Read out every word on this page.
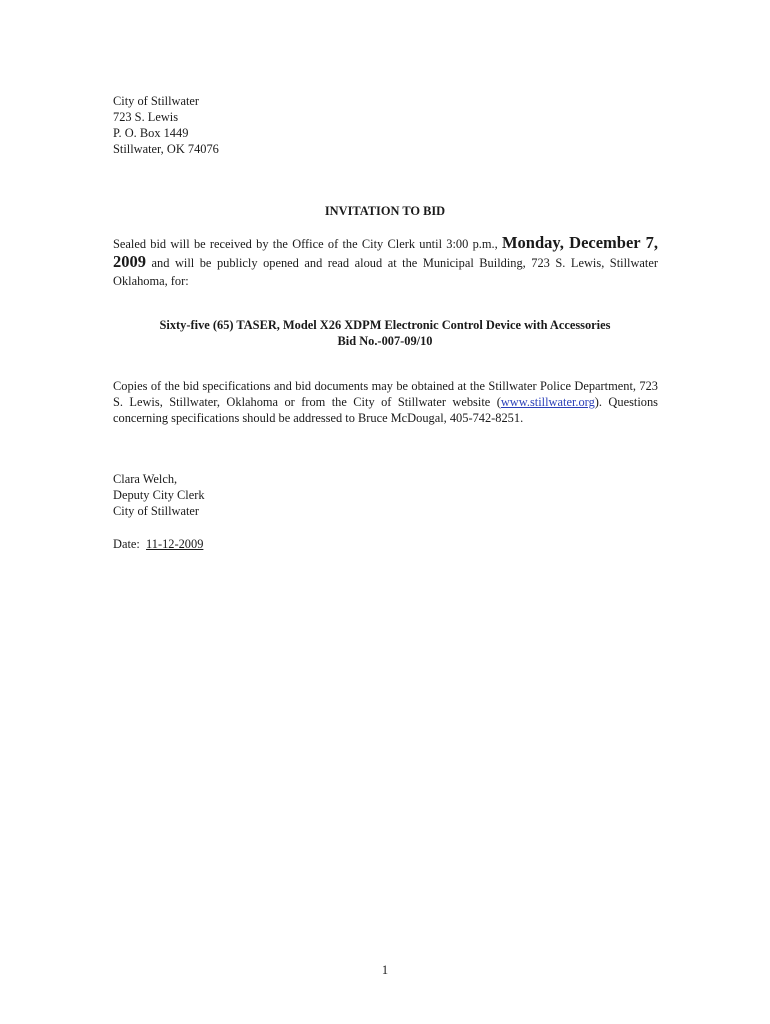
City of Stillwater
723 S. Lewis
P. O. Box 1449
Stillwater, OK 74076
INVITATION TO BID
Sealed bid will be received by the Office of the City Clerk until 3:00 p.m., Monday, December 7, 2009 and will be publicly opened and read aloud at the Municipal Building, 723 S. Lewis, Stillwater Oklahoma, for:
Sixty-five (65) TASER, Model X26 XDPM Electronic Control Device with Accessories
Bid No.-007-09/10
Copies of the bid specifications and bid documents may be obtained at the Stillwater Police Department, 723 S. Lewis, Stillwater, Oklahoma or from the City of Stillwater website (www.stillwater.org). Questions concerning specifications should be addressed to Bruce McDougal, 405-742-8251.
Clara Welch,
Deputy City Clerk
City of Stillwater
Date:  11-12-2009
1
